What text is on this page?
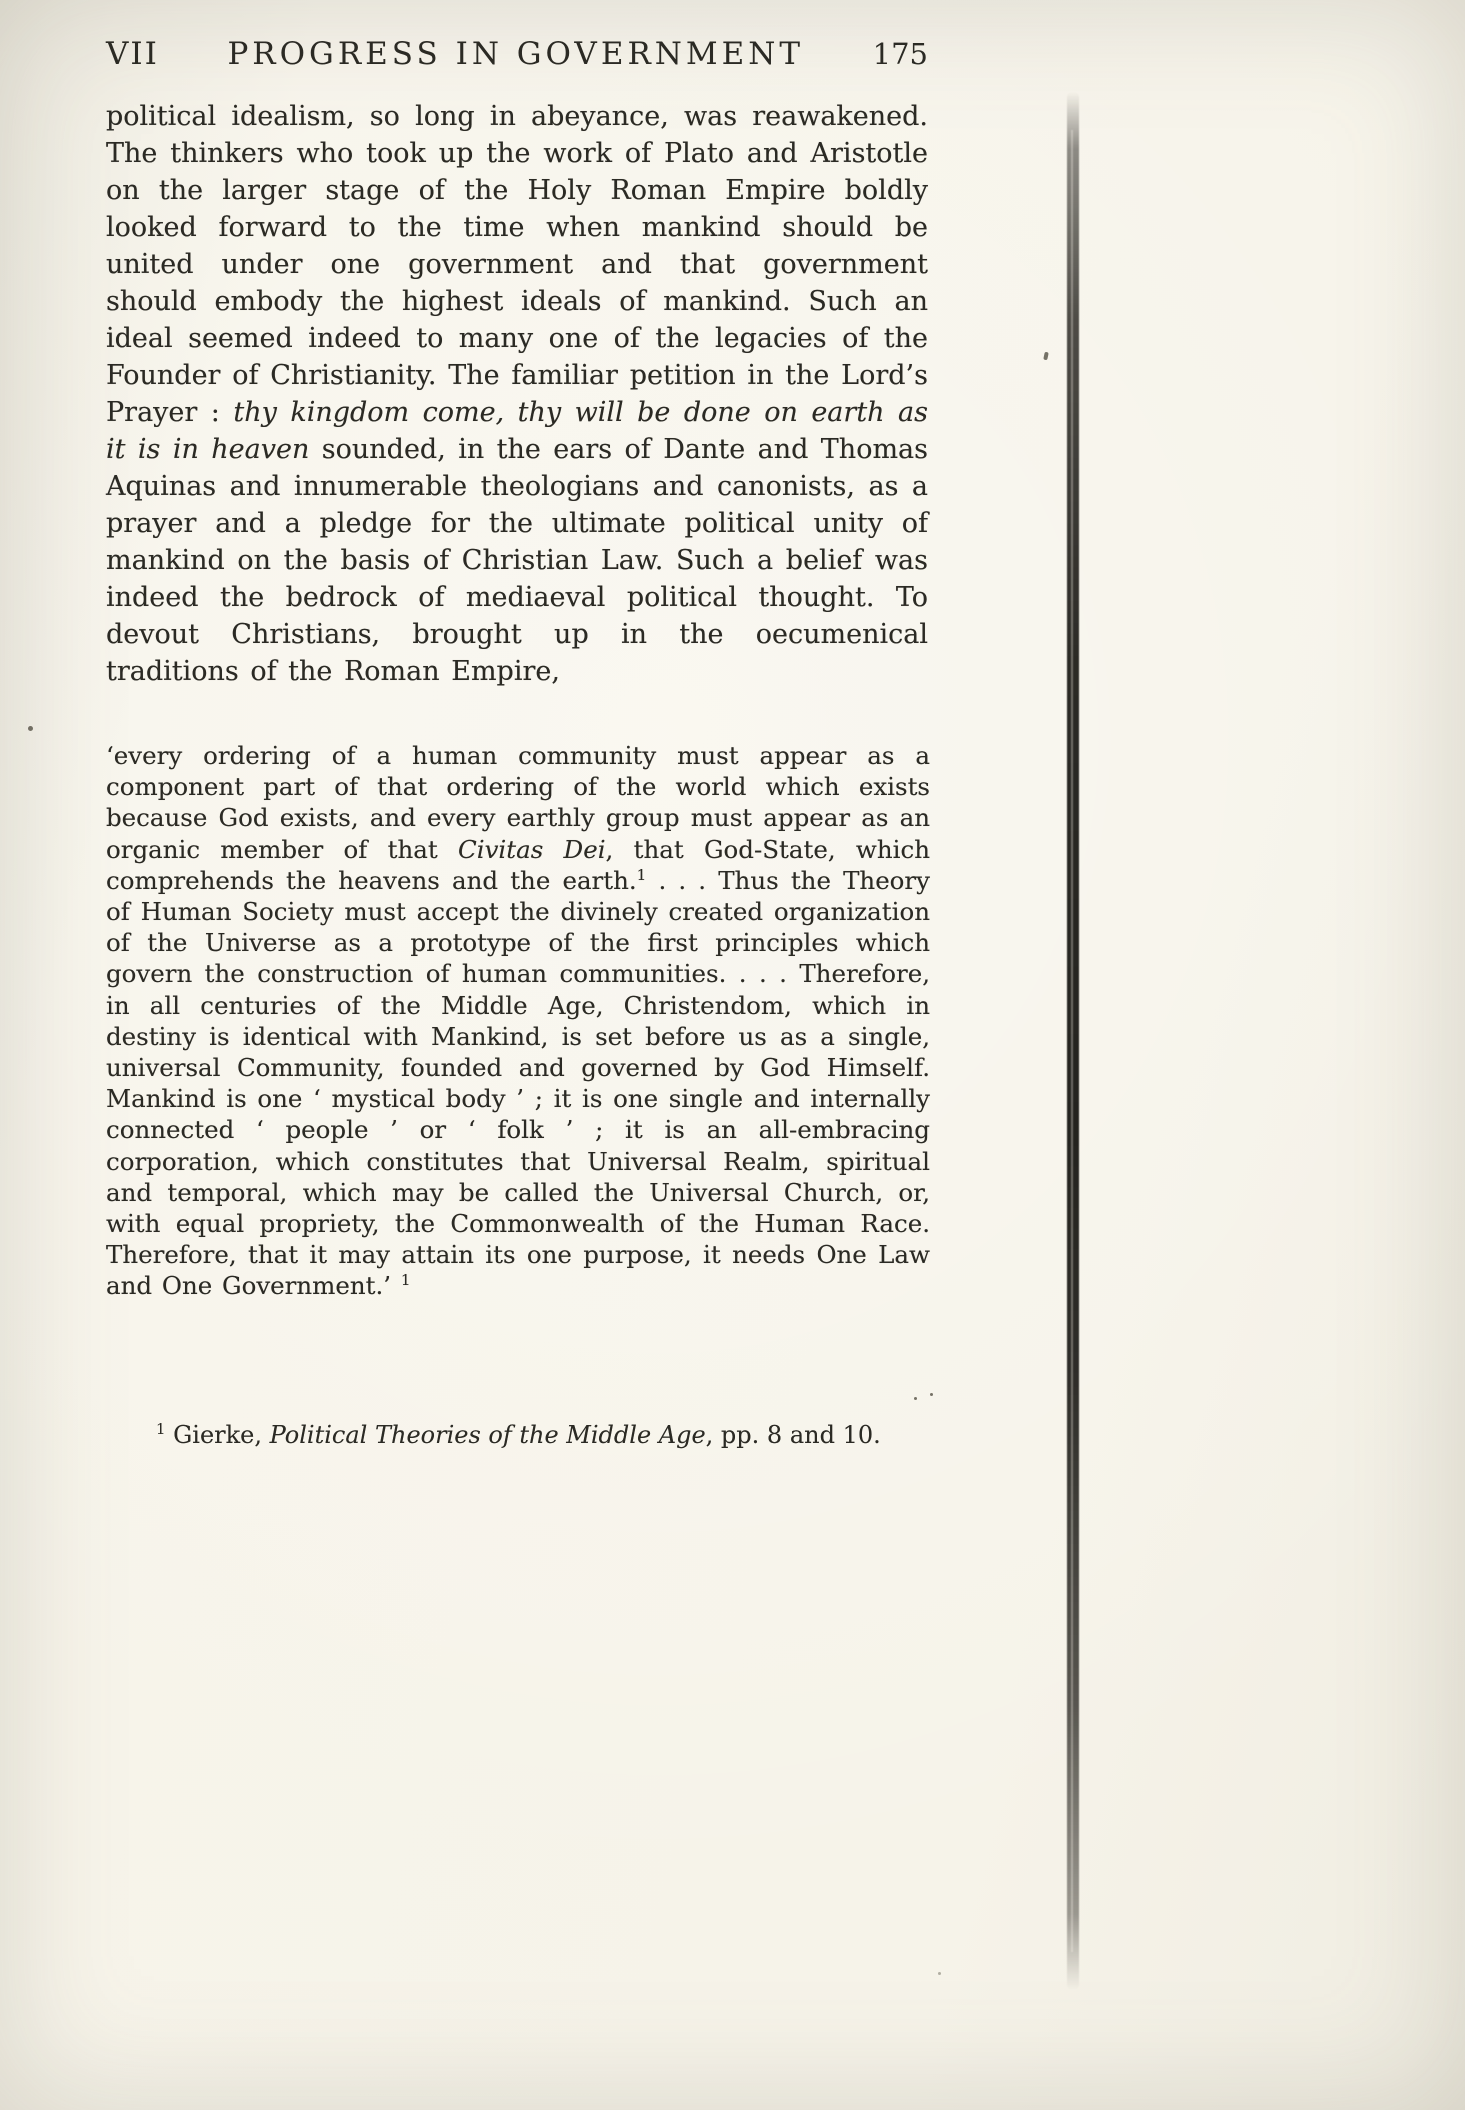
VII	PROGRESS IN GOVERNMENT	175

political idealism, so long in abeyance, was reawakened. The thinkers who took up the work of Plato and Aristotle on the larger stage of the Holy Roman Empire boldly looked forward to the time when mankind should be united under one government and that government should embody the highest ideals of mankind. Such an ideal seemed indeed to many one of the legacies of the Founder of Christianity. The familiar petition in the Lord’s Prayer : thy kingdom come, thy will be done on earth as it is in heaven sounded, in the ears of Dante and Thomas Aquinas and innumerable theologians and canonists, as a prayer and a pledge for the ultimate political unity of mankind on the basis of Christian Law. Such a belief was indeed the bedrock of mediaeval political thought. To devout Christians, brought up in the oecumenical traditions of the Roman Empire,

‘every ordering of a human community must appear as a component part of that ordering of the world which exists because God exists, and every earthly group must appear as an organic member of that Civitas Dei, that God-State, which comprehends the heavens and the earth.$^1$ . . . Thus the Theory of Human Society must accept the divinely created organization of the Universe as a prototype of the first principles which govern the construction of human communities. . . . Therefore, in all centuries of the Middle Age, Christendom, which in destiny is identical with Mankind, is set before us as a single, universal Community, founded and governed by God Himself. Mankind is one ‘ mystical body ’ ; it is one single and internally connected ‘ people ’ or ‘ folk ’ ; it is an all-embracing corporation, which constitutes that Universal Realm, spiritual and temporal, which may be called the Universal Church, or, with equal propriety, the Commonwealth of the Human Race. Therefore, that it may attain its one purpose, it needs One Law and One Government.’ $^1$

$^1$ Gierke, Political Theories of the Middle Age, pp. 8 and 10.
